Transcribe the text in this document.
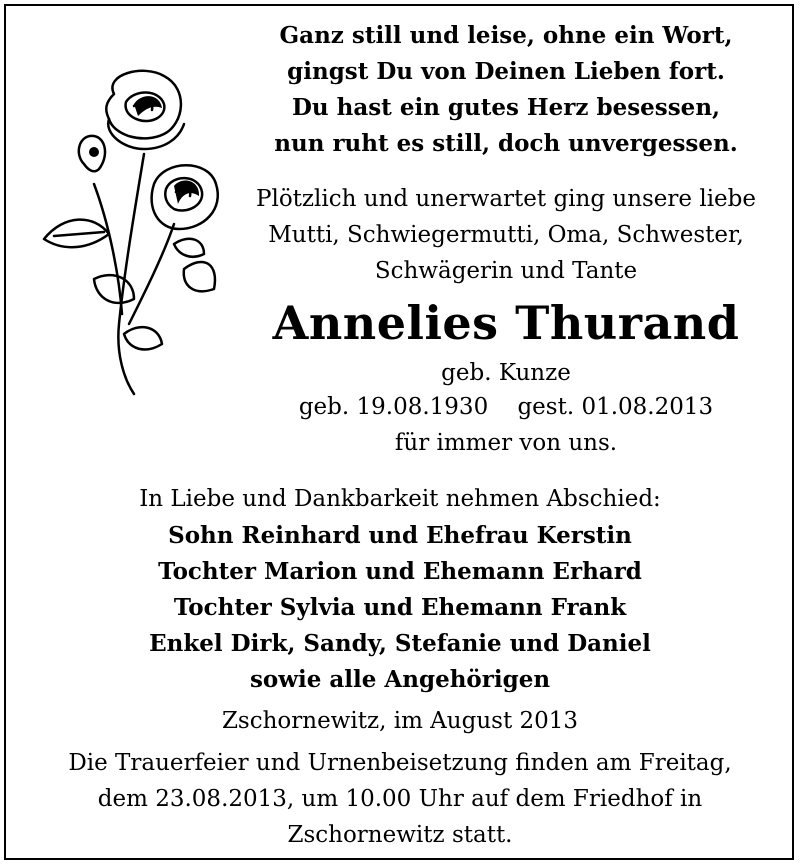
Ganz still und leise, ohne ein Wort,
gingst Du von Deinen Lieben fort.
Du hast ein gutes Herz besessen,
nun ruht es still, doch unvergessen.
Plötzlich und unerwartet ging unsere liebe
Mutti, Schwiegermutti, Oma, Schwester,
Schwägerin und Tante
Annelies Thurand
geb. Kunze
geb. 19.08.1930 gest. 01.08.2013
für immer von uns.
In Liebe und Dankbarkeit nehmen Abschied:
Sohn Reinhard und Ehefrau Kerstin
Tochter Marion und Ehemann Erhard
Tochter Sylvia und Ehemann Frank
Enkel Dirk, Sandy, Stefanie und Daniel
sowie alle Angehörigen
Zschornewitz, im August 2013
Die Trauerfeier und Urnenbeisetzung finden am Freitag,
dem 23.08.2013, um 10.00 Uhr auf dem Friedhof in
Zschornewitz statt.
